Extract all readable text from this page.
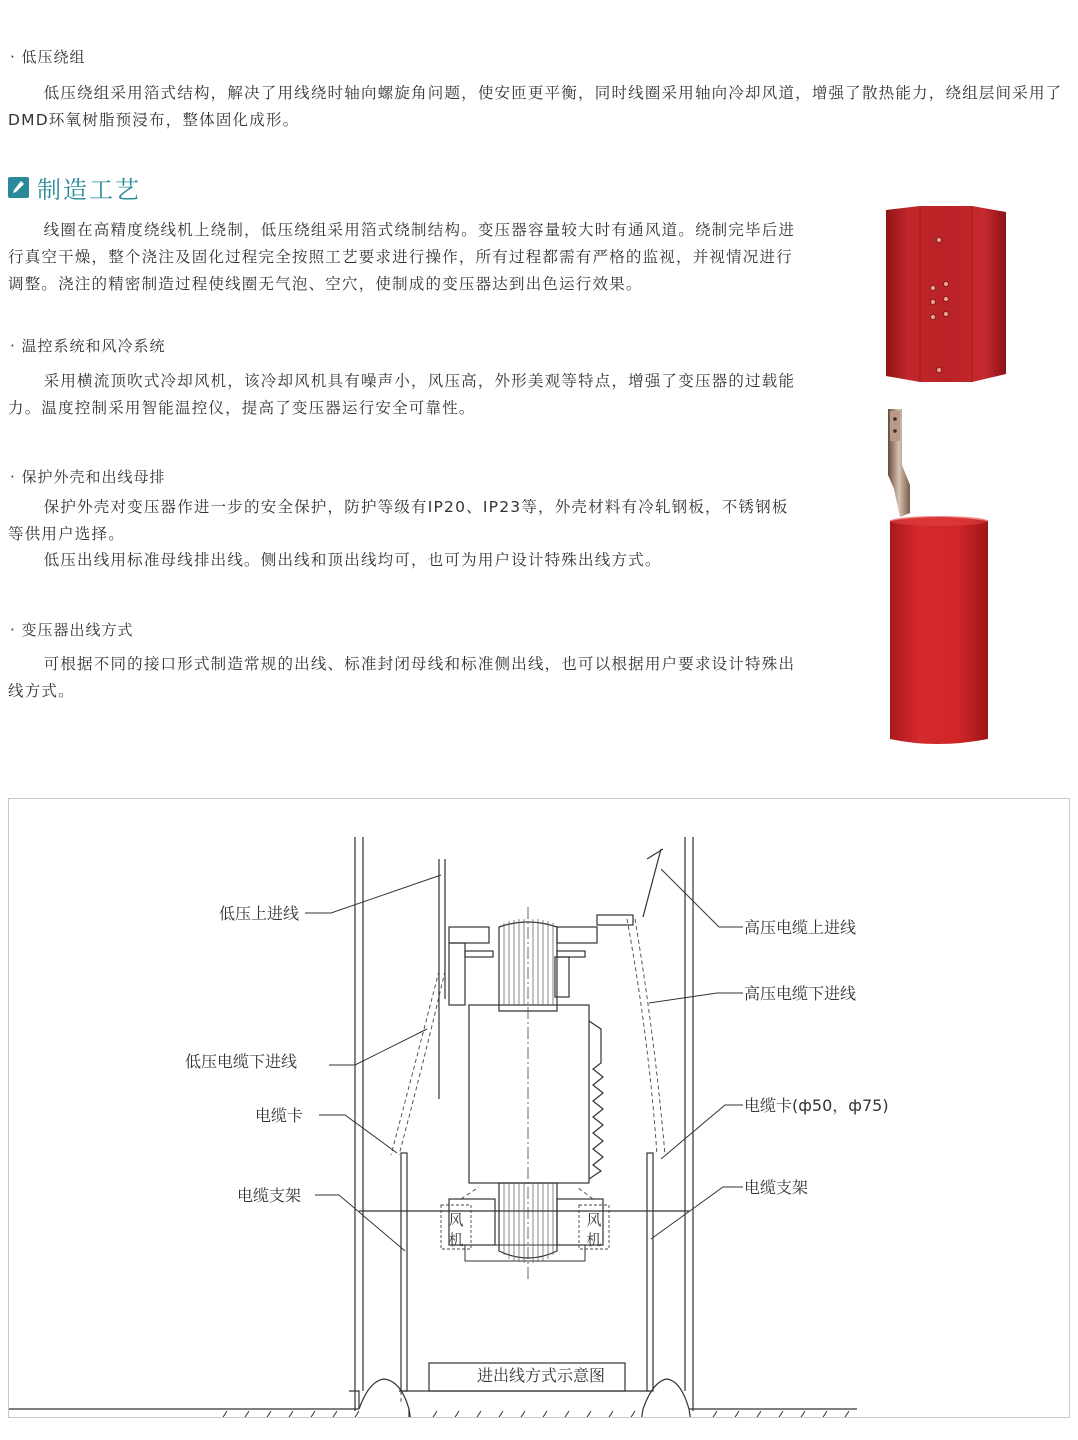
· 低压绕组

低压绕组采用箔式结构，解决了用线绕时轴向螺旋角问题，使安匝更平衡，同时线圈采用轴向冷却风道，增强了散热能力，绕组层间采用了DMD环氧树脂预浸布，整体固化成形。

制造工艺

线圈在高精度绕线机上绕制，低压绕组采用箔式绕制结构。变压器容量较大时有通风道。绕制完毕后进行真空干燥，整个浇注及固化过程完全按照工艺要求进行操作，所有过程都需有严格的监视，并视情况进行调整。浇注的精密制造过程使线圈无气泡、空穴，使制成的变压器达到出色运行效果。

· 温控系统和风冷系统

采用横流顶吹式冷却风机，该冷却风机具有噪声小，风压高，外形美观等特点，增强了变压器的过载能力。温度控制采用智能温控仪，提高了变压器运行安全可靠性。

· 保护外壳和出线母排

保护外壳对变压器作进一步的安全保护，防护等级有IP20、IP23等，外壳材料有冷轧钢板，不锈钢板等供用户选择。

低压出线用标准母线排出线。侧出线和顶出线均可，也可为用户设计特殊出线方式。

· 变压器出线方式

可根据不同的接口形式制造常规的出线、标准封闭母线和标准侧出线，也可以根据用户要求设计特殊出线方式。

风
机
风
机
低压上进线
低压电缆下进线
电缆卡
电缆支架
高压电缆上进线
高压电缆下进线
电缆卡(ф50，ф75)
电缆支架
进出线方式示意图
